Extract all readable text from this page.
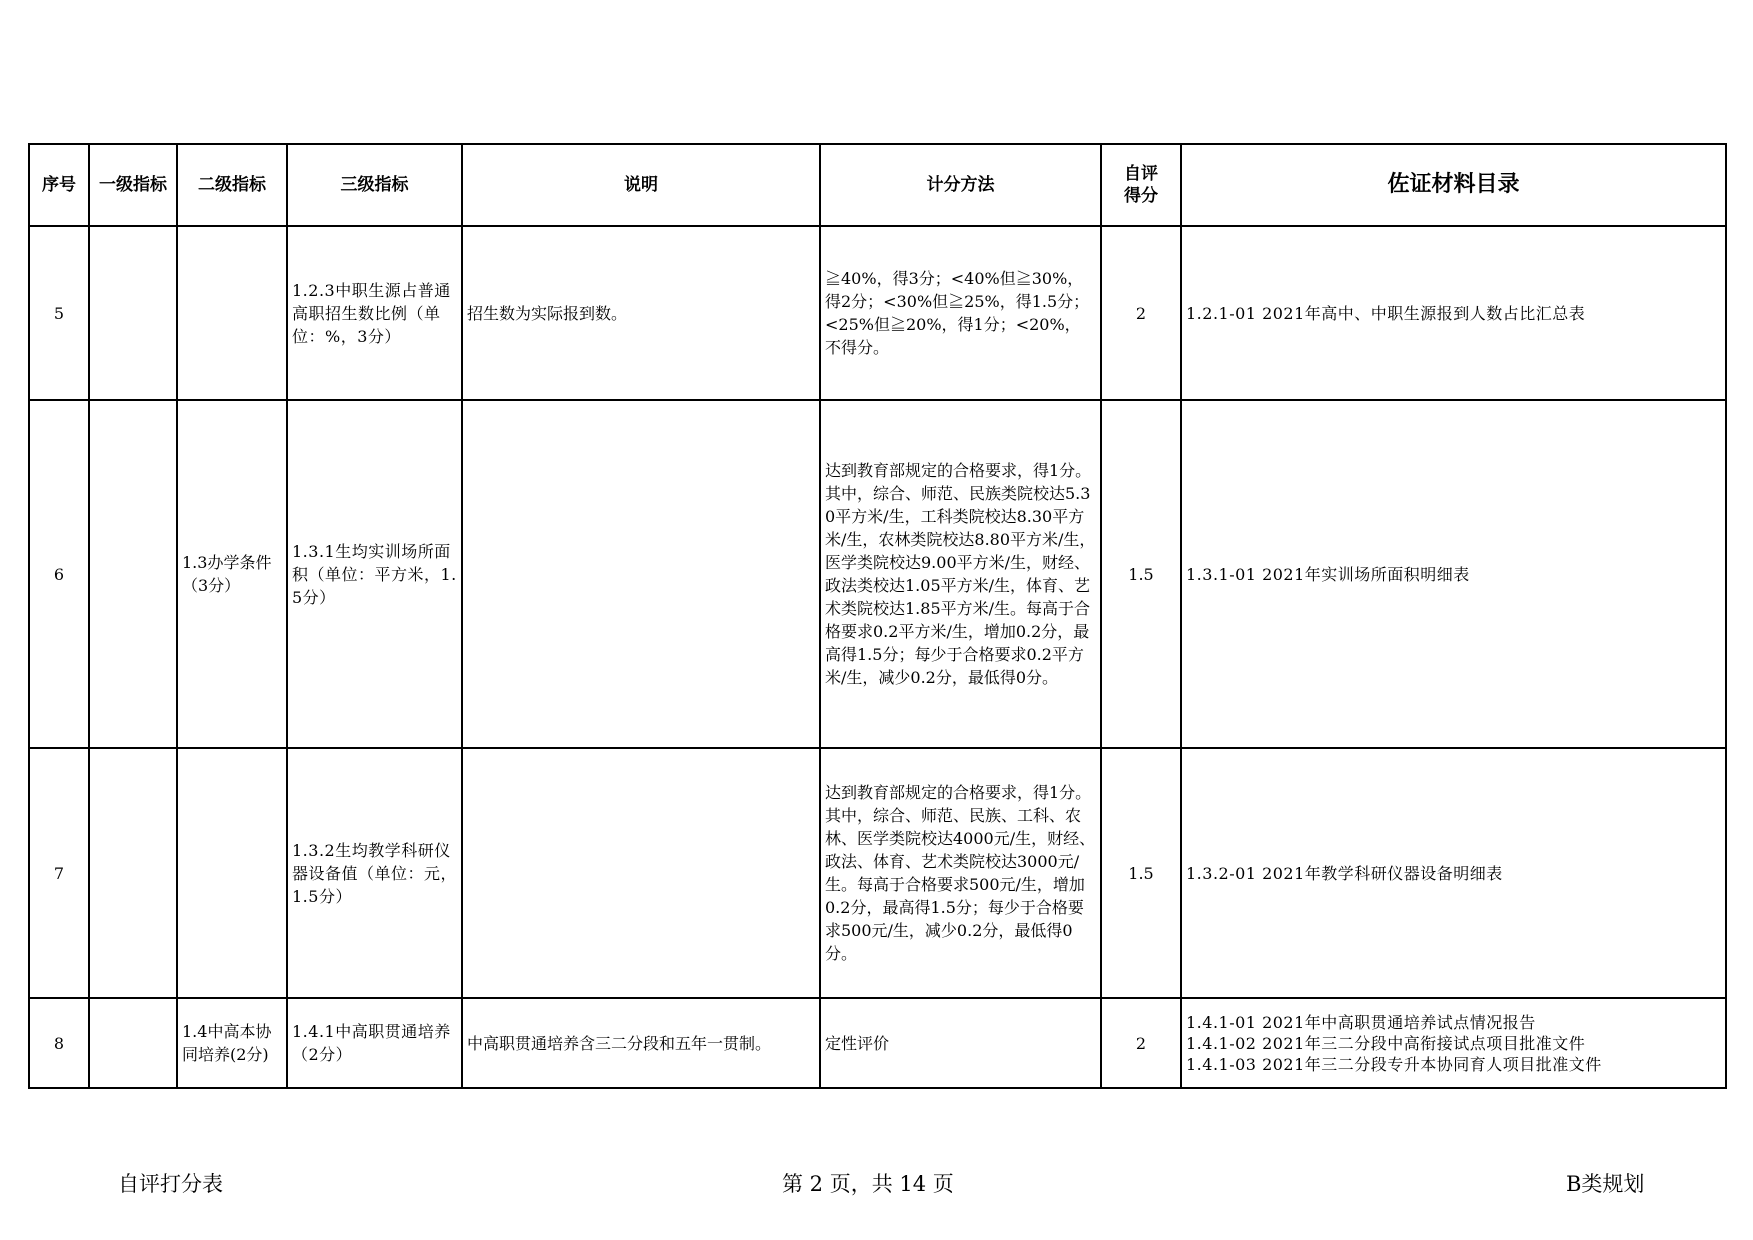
序号	一级指标	二级指标	三级指标	说明	计分方法	自评得分	佐证材料目录
5			1.2.3中职生源占普通高职招生数比例（单位：%，3分）	招生数为实际报到数。	≧40%，得3分；<40%但≧30%，得2分；<30%但≧25%，得1.5分；<25%但≧20%，得1分；<20%，不得分。	2	1.2.1-01 2021年高中、中职生源报到人数占比汇总表

6		1.3办学条件（3分）	1.3.1生均实训场所面积（单位：平方米，1.5分）		达到教育部规定的合格要求，得1分。其中，综合、师范、民族类院校达5.30平方米/生，工科类院校达8.30平方米/生，农林类院校达8.80平方米/生，医学类院校达9.00平方米/生，财经、政法类校达1.05平方米/生，体育、艺术类院校达1.85平方米/生。每高于合格要求0.2平方米/生，增加0.2分，最高得1.5分；每少于合格要求0.2平方米/生，减少0.2分，最低得0分。	1.5	1.3.1-01 2021年实训场所面积明细表

7			1.3.2生均教学科研仪器设备值（单位：元，1.5分）		达到教育部规定的合格要求，得1分。其中，综合、师范、民族、工科、农林、医学类院校达4000元/生，财经、政法、体育、艺术类院校达3000元/生。每高于合格要求500元/生，增加0.2分，最高得1.5分；每少于合格要求500元/生，减少0.2分，最低得0分。	1.5	1.3.2-01 2021年教学科研仪器设备明细表

8		1.4中高本协同培养(2分)	1.4.1中高职贯通培养（2分）	中高职贯通培养含三二分段和五年一贯制。	定性评价	2	1.4.1-01 2021年中高职贯通培养试点情况报告
1.4.1-02 2021年三二分段中高衔接试点项目批准文件
1.4.1-03 2021年三二分段专升本协同育人项目批准文件
自评打分表	第 2 页，共 14 页	B类规划
